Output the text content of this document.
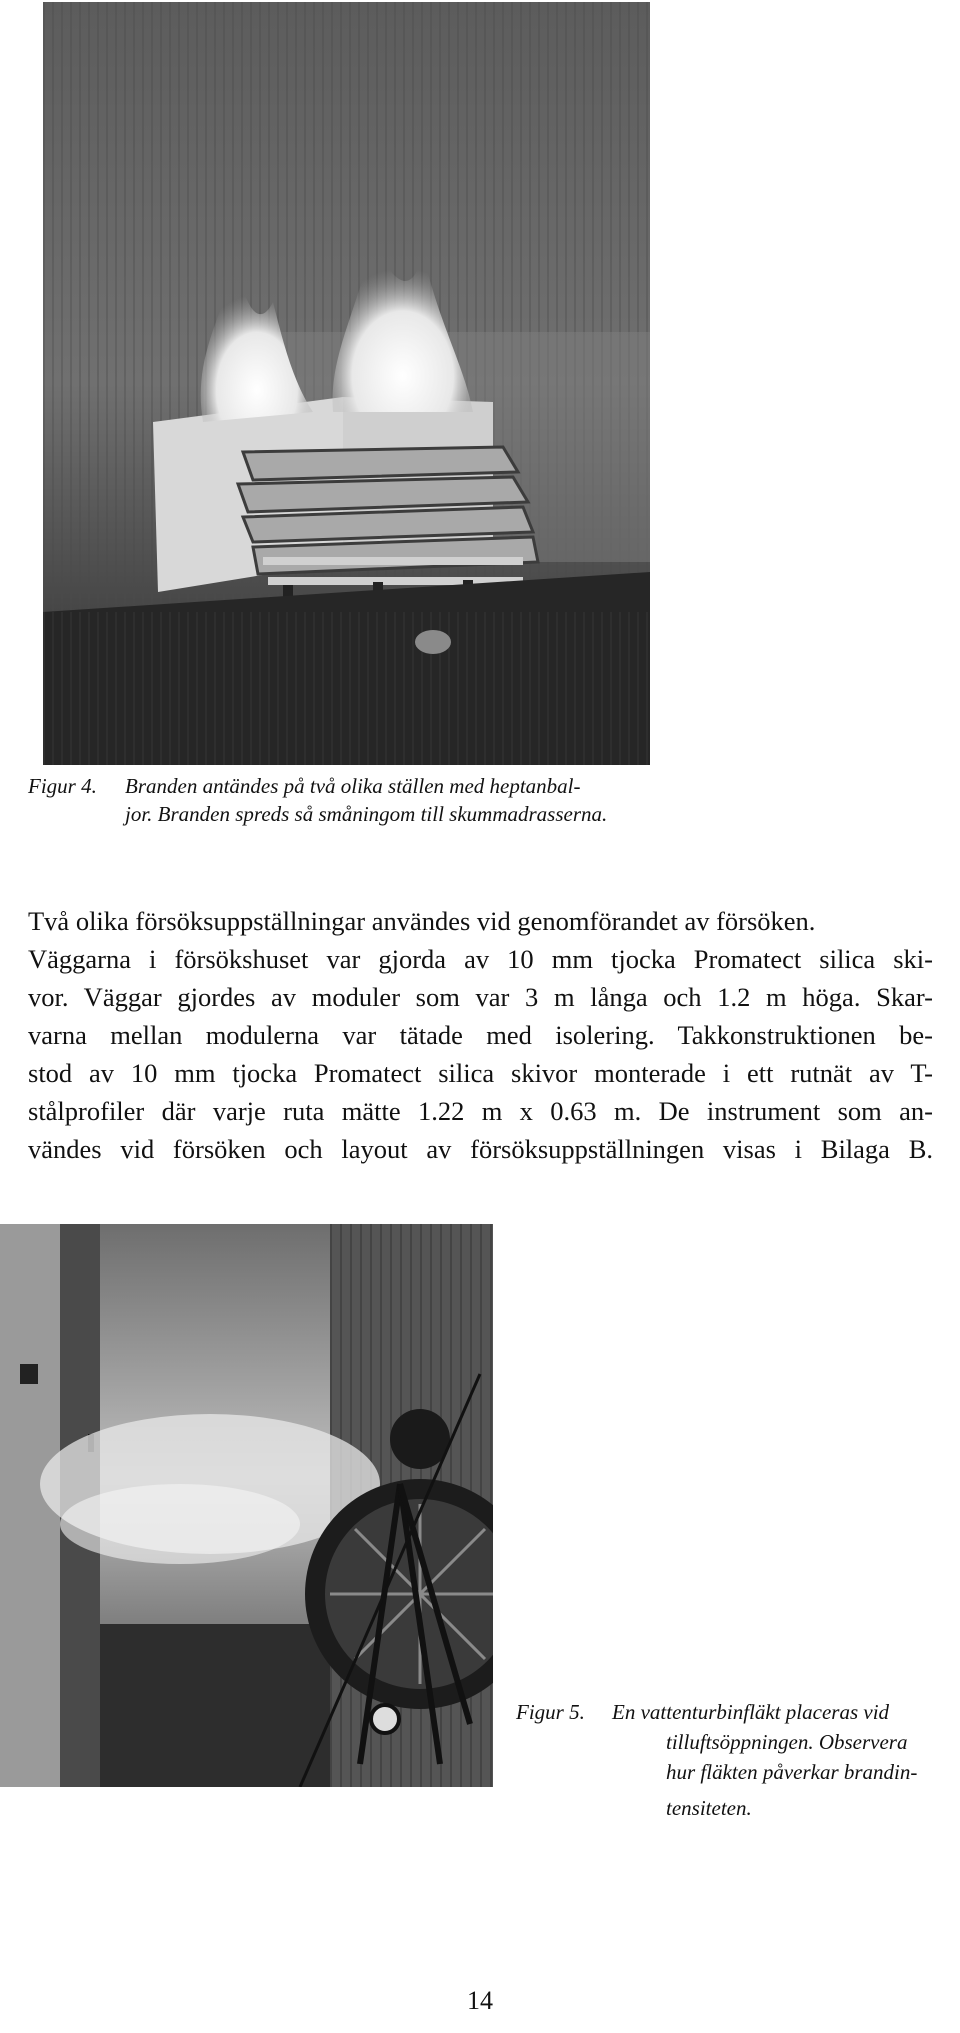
Figur 4. Branden antändes på två olika ställen med heptanbal-
jor. Branden spreds så småningom till skummadrasserna.
Två olika försöksuppställningar användes vid genomförandet av försöken.
Väggarna i försökshuset var gjorda av 10 mm tjocka Promatect silica ski-
vor. Väggar gjordes av moduler som var 3 m långa och 1.2 m höga. Skar-
varna mellan modulerna var tätade med isolering. Takkonstruktionen be-
stod av 10 mm tjocka Promatect silica skivor monterade i ett rutnät av T-
stålprofiler där varje ruta mätte 1.22 m x 0.63 m. De instrument som an-
vändes vid försöken och layout av försöksuppställningen visas i Bilaga B.
Figur 5. En vattenturbinfläkt placeras vid
tilluftsöppningen. Observera
hur fläkten påverkar brandin-
tensiteten.
14
